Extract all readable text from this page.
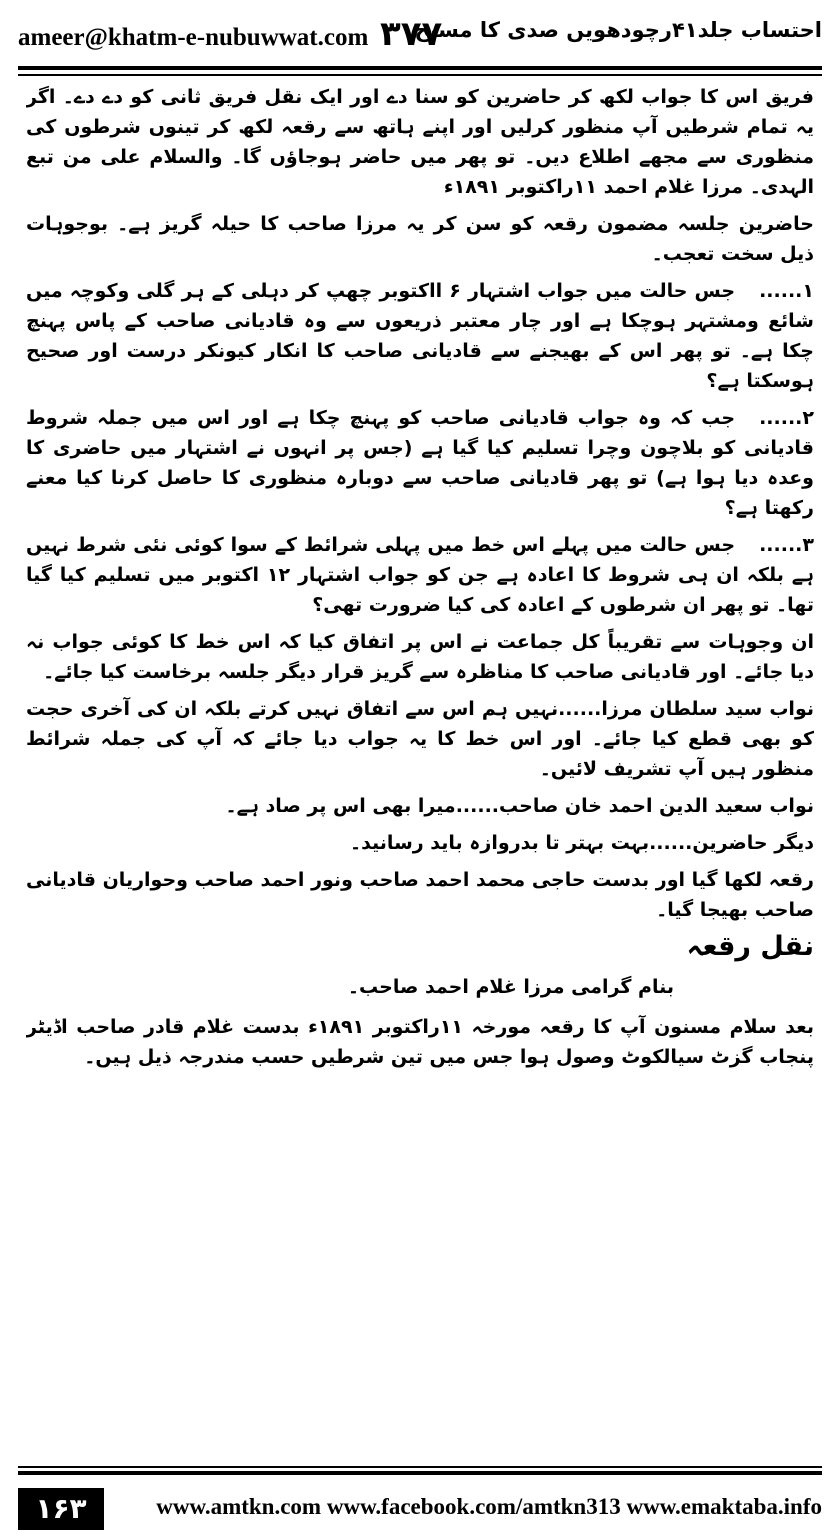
ameer@khatm-e-nubuwwat.com ۳۷۷
احتساب جلد۴۱رچودھویں صدی کا مسیح

فریق اس کا جواب لکھ کر حاضرین کو سنا دے اور ایک نقل فریق ثانی کو دے دے۔ اگر یہ تمام شرطیں آپ منظور کرلیں اور اپنے ہاتھ سے رقعہ لکھ کر تینوں شرطوں کی منظوری سے مجھے اطلاع دیں۔ تو پھر میں حاضر ہوجاؤں گا۔ والسلام علی من تبع الہدی۔ مرزا غلام احمد ۱۱راکتوبر ۱۸۹۱ء

حاضرین جلسہ مضمون رقعہ کو سن کر یہ مرزا صاحب کا حیلہ گریز ہے۔ بوجوہات ذیل سخت تعجب۔

۱......جس حالت میں جواب اشتہار ۶ ااکتوبر چھپ کر دہلی کے ہر گلی وکوچہ میں شائع ومشتہر ہوچکا ہے اور چار معتبر ذریعوں سے وہ قادیانی صاحب کے پاس پہنچ چکا ہے۔ تو پھر اس کے بھیجنے سے قادیانی صاحب کا انکار کیونکر درست اور صحیح ہوسکتا ہے؟

۲......جب کہ وہ جواب قادیانی صاحب کو پہنچ چکا ہے اور اس میں جملہ شروط قادیانی کو بلاچون وچرا تسلیم کیا گیا ہے (جس پر انہوں نے اشتہار میں حاضری کا وعدہ دیا ہوا ہے) تو پھر قادیانی صاحب سے دوبارہ منظوری کا حاصل کرنا کیا معنے رکھتا ہے؟

۳......جس حالت میں پہلے اس خط میں پہلی شرائط کے سوا کوئی نئی شرط نہیں ہے بلکہ ان ہی شروط کا اعادہ ہے جن کو جواب اشتہار ۱۲ اکتوبر میں تسلیم کیا گیا تھا۔ تو پھر ان شرطوں کے اعادہ کی کیا ضرورت تھی؟

ان وجوہات سے تقریباً کل جماعت نے اس پر اتفاق کیا کہ اس خط کا کوئی جواب نہ دیا جائے۔ اور قادیانی صاحب کا مناظرہ سے گریز قرار دیگر جلسہ برخاست کیا جائے۔

نواب سید سلطان مرزا......نہیں ہم اس سے اتفاق نہیں کرتے بلکہ ان کی آخری حجت کو بھی قطع کیا جائے۔ اور اس خط کا یہ جواب دیا جائے کہ آپ کی جملہ شرائط منظور ہیں آپ تشریف لائیں۔

نواب سعید الدین احمد خان صاحب......میرا بھی اس پر صاد ہے۔

دیگر حاضرین......بہت بہتر تا بدروازہ باید رسانید۔

رقعہ لکھا گیا اور بدست حاجی محمد احمد صاحب ونور احمد صاحب وحواریان قادیانی صاحب بھیجا گیا۔

نقل رقعہ
بنام گرامی مرزا غلام احمد صاحب۔

بعد سلام مسنون آپ کا رقعہ مورخہ ۱۱راکتوبر ۱۸۹۱ء بدست غلام قادر صاحب اڈیٹر پنجاب گزٹ سیالکوٹ وصول ہوا جس میں تین شرطیں حسب مندرجہ ذیل ہیں۔

۱۶۳	www.amtkn.com www.facebook.com/amtkn313 www.emaktaba.info
